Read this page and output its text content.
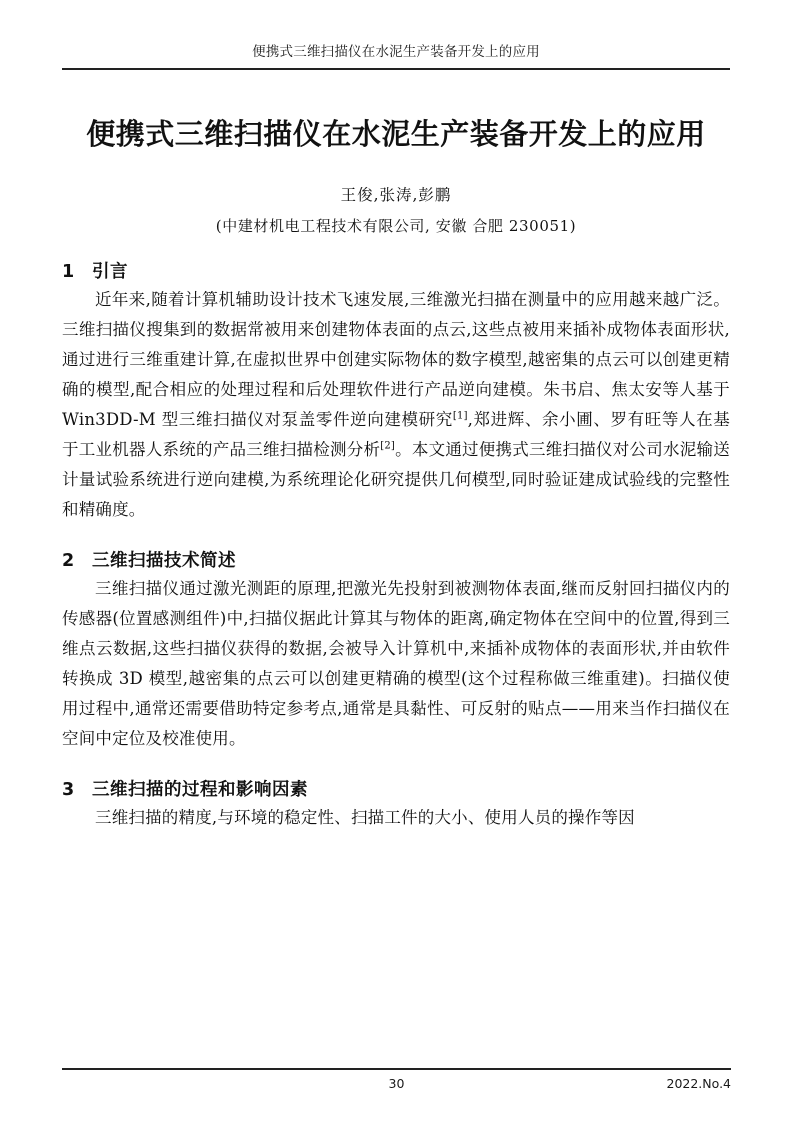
便携式三维扫描仪在水泥生产装备开发上的应用
便携式三维扫描仪在水泥生产装备开发上的应用
王俊,张涛,彭鹏
(中建材机电工程技术有限公司, 安徽 合肥 230051)
1 引言

近年来,随着计算机辅助设计技术飞速发展,三维激光扫描在测量中的应用越来越广泛。三维扫描仪搜集到的数据常被用来创建物体表面的点云,这些点被用来插补成物体表面形状,通过进行三维重建计算,在虚拟世界中创建实际物体的数字模型,越密集的点云可以创建更精确的模型,配合相应的处理过程和后处理软件进行产品逆向建模。朱书启、焦太安等人基于 Win3DD-M 型三维扫描仪对泵盖零件逆向建模研究[1],郑进辉、余小圃、罗有旺等人在基于工业机器人系统的产品三维扫描检测分析[2]。本文通过便携式三维扫描仪对公司水泥输送计量试验系统进行逆向建模,为系统理论化研究提供几何模型,同时验证建成试验线的完整性和精确度。

2 三维扫描技术简述

三维扫描仪通过激光测距的原理,把激光先投射到被测物体表面,继而反射回扫描仪内的传感器(位置感测组件)中,扫描仪据此计算其与物体的距离,确定物体在空间中的位置,得到三维点云数据,这些扫描仪获得的数据,会被导入计算机中,来插补成物体的表面形状,并由软件转换成 3D 模型,越密集的点云可以创建更精确的模型(这个过程称做三维重建)。扫描仪使用过程中,通常还需要借助特定参考点,通常是具黏性、可反射的贴点——用来当作扫描仪在空间中定位及校准使用。

3 三维扫描的过程和影响因素

三维扫描的精度,与环境的稳定性、扫描工件的大小、使用人员的操作等因

30	2022.No.4
